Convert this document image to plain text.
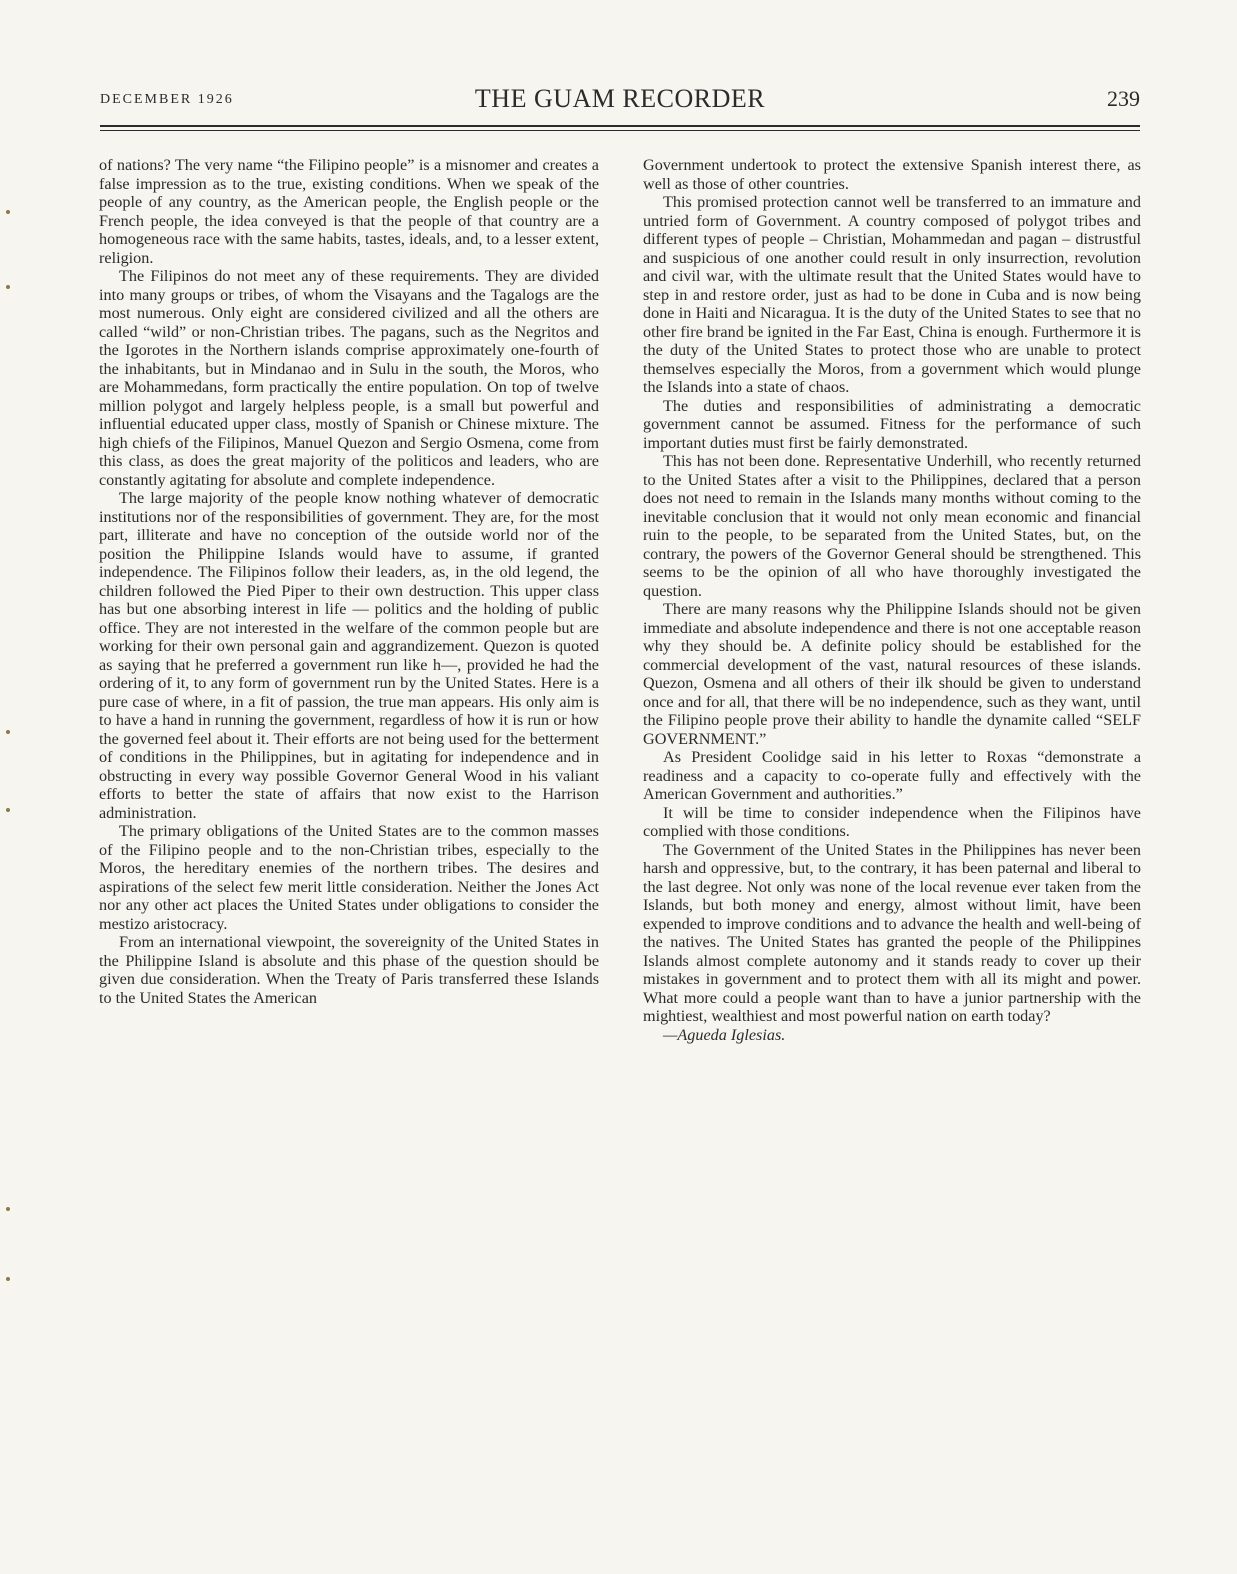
DECEMBER 1926	THE GUAM RECORDER	239

of nations? The very name “the Filipino people” is a misnomer and creates a false impression as to the true, existing conditions. When we speak of the people of any country, as the American people, the English people or the French people, the idea conveyed is that the people of that country are a homogeneous race with the same habits, tastes, ideals, and, to a lesser extent, religion.

The Filipinos do not meet any of these requirements. They are divided into many groups or tribes, of whom the Visayans and the Tagalogs are the most numerous. Only eight are considered civilized and all the others are called “wild” or non-Christian tribes. The pagans, such as the Negritos and the Igorotes in the Northern islands comprise approximately one-fourth of the inhabitants, but in Mindanao and in Sulu in the south, the Moros, who are Mohammedans, form practically the entire population. On top of twelve million polygot and largely helpless people, is a small but powerful and influential educated upper class, mostly of Spanish or Chinese mixture. The high chiefs of the Filipinos, Manuel Quezon and Sergio Osmena, come from this class, as does the great majority of the politicos and leaders, who are constantly agitating for absolute and complete independence.

The large majority of the people know nothing whatever of democratic institutions nor of the responsibilities of government. They are, for the most part, illiterate and have no conception of the outside world nor of the position the Philippine Islands would have to assume, if granted independence. The Filipinos follow their leaders, as, in the old legend, the children followed the Pied Piper to their own destruction. This upper class has but one absorbing interest in life — politics and the holding of public office. They are not interested in the welfare of the common people but are working for their own personal gain and aggrandizement. Quezon is quoted as saying that he preferred a government run like h—, provided he had the ordering of it, to any form of government run by the United States. Here is a pure case of where, in a fit of passion, the true man appears. His only aim is to have a hand in running the government, regardless of how it is run or how the governed feel about it. Their efforts are not being used for the betterment of conditions in the Philippines, but in agitating for independence and in obstructing in every way possible Governor General Wood in his valiant efforts to better the state of affairs that now exist to the Harrison administration.

The primary obligations of the United States are to the common masses of the Filipino people and to the non-Christian tribes, especially to the Moros, the hereditary enemies of the northern tribes. The desires and aspirations of the select few merit little consideration. Neither the Jones Act nor any other act places the United States under obligations to consider the mestizo aristocracy.

From an international viewpoint, the sovereignity of the United States in the Philippine Island is absolute and this phase of the question should be given due consideration. When the Treaty of Paris transferred these Islands to the United States the American

Government undertook to protect the extensive Spanish interest there, as well as those of other countries.

This promised protection cannot well be transferred to an immature and untried form of Government. A country composed of polygot tribes and different types of people – Christian, Mohammedan and pagan – distrustful and suspicious of one another could result in only insurrection, revolution and civil war, with the ultimate result that the United States would have to step in and restore order, just as had to be done in Cuba and is now being done in Haiti and Nicaragua. It is the duty of the United States to see that no other fire brand be ignited in the Far East, China is enough. Furthermore it is the duty of the United States to protect those who are unable to protect themselves especially the Moros, from a government which would plunge the Islands into a state of chaos.

The duties and responsibilities of administrating a democratic government cannot be assumed. Fitness for the performance of such important duties must first be fairly demonstrated.

This has not been done. Representative Underhill, who recently returned to the United States after a visit to the Philippines, declared that a person does not need to remain in the Islands many months without coming to the inevitable conclusion that it would not only mean economic and financial ruin to the people, to be separated from the United States, but, on the contrary, the powers of the Governor General should be strengthened. This seems to be the opinion of all who have thoroughly investigated the question.

There are many reasons why the Philippine Islands should not be given immediate and absolute independence and there is not one acceptable reason why they should be. A definite policy should be established for the commercial development of the vast, natural resources of these islands. Quezon, Osmena and all others of their ilk should be given to understand once and for all, that there will be no independence, such as they want, until the Filipino people prove their ability to handle the dynamite called “SELF GOVERNMENT.”

As President Coolidge said in his letter to Roxas “demonstrate a readiness and a capacity to co-operate fully and effectively with the American Government and authorities.”

It will be time to consider independence when the Filipinos have complied with those conditions.

The Government of the United States in the Philippines has never been harsh and oppressive, but, to the contrary, it has been paternal and liberal to the last degree. Not only was none of the local revenue ever taken from the Islands, but both money and energy, almost without limit, have been expended to improve conditions and to advance the health and well-being of the natives. The United States has granted the people of the Philippines Islands almost complete autonomy and it stands ready to cover up their mistakes in government and to protect them with all its might and power. What more could a people want than to have a junior partnership with the mightiest, wealthiest and most powerful nation on earth today?

—Agueda Iglesias.
